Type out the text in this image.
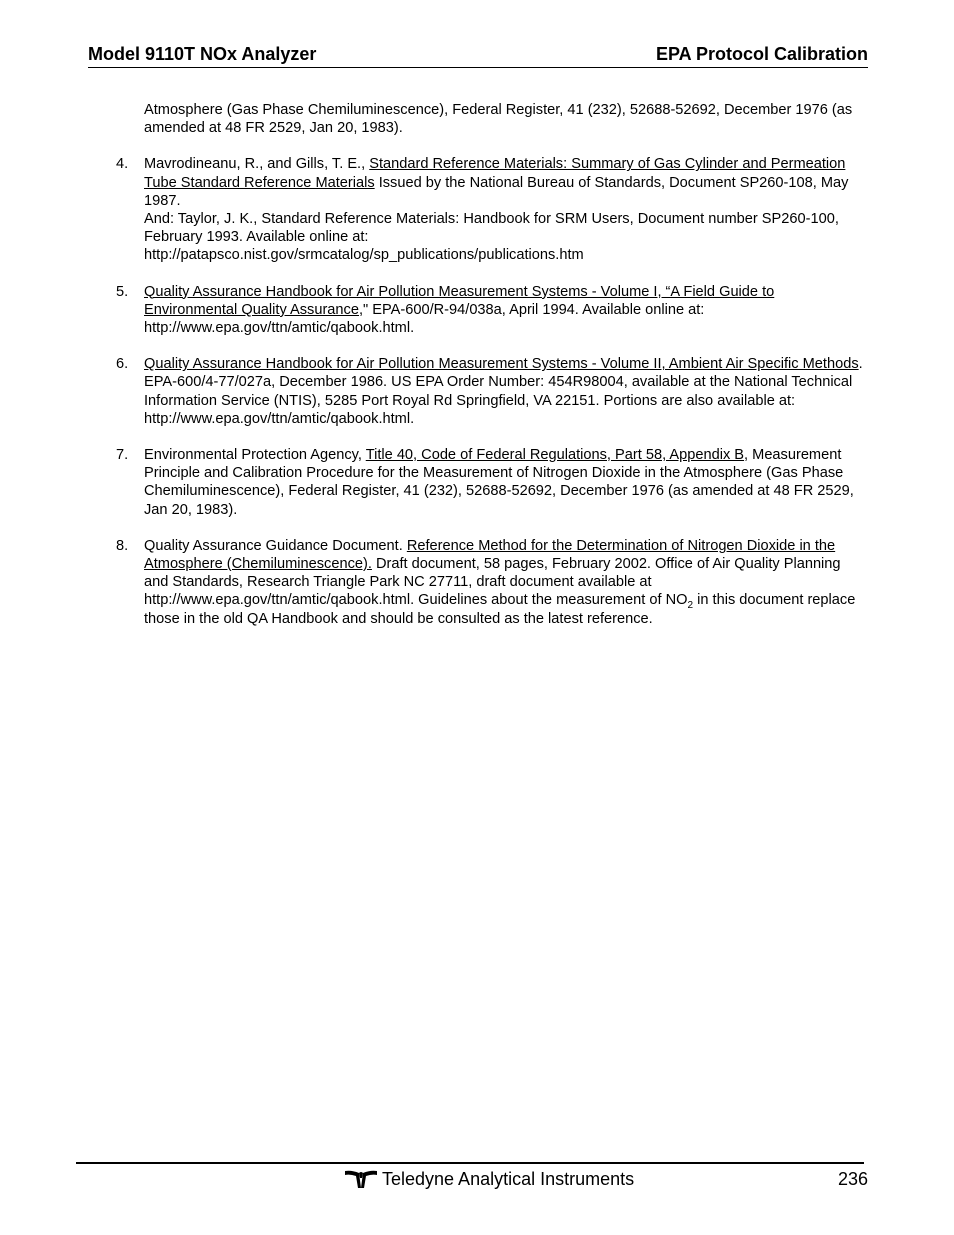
Model 9110T NOx Analyzer	EPA Protocol Calibration

Atmosphere (Gas Phase Chemiluminescence), Federal Register, 41 (232), 52688-52692, December 1976 (as amended at 48 FR 2529, Jan 20, 1983).

4. Mavrodineanu, R., and Gills, T. E., Standard Reference Materials: Summary of Gas Cylinder and Permeation Tube Standard Reference Materials Issued by the National Bureau of Standards, Document SP260-108, May 1987.

And: Taylor, J. K., Standard Reference Materials: Handbook for SRM Users, Document number SP260-100, February 1993. Available online at:

http://patapsco.nist.gov/srmcatalog/sp_publications/publications.htm

5. Quality Assurance Handbook for Air Pollution Measurement Systems - Volume I, “A Field Guide to Environmental Quality Assurance," EPA-600/R-94/038a, April 1994. Available online at: http://www.epa.gov/ttn/amtic/qabook.html.

6. Quality Assurance Handbook for Air Pollution Measurement Systems - Volume II, Ambient Air Specific Methods. EPA-600/4-77/027a, December 1986. US EPA Order Number: 454R98004, available at the National Technical Information Service (NTIS), 5285 Port Royal Rd Springfield, VA 22151. Portions are also available at: http://www.epa.gov/ttn/amtic/qabook.html.

7. Environmental Protection Agency, Title 40, Code of Federal Regulations, Part 58, Appendix B, Measurement Principle and Calibration Procedure for the Measurement of Nitrogen Dioxide in the Atmosphere (Gas Phase Chemiluminescence), Federal Register, 41 (232), 52688-52692, December 1976 (as amended at 48 FR 2529, Jan 20, 1983).

8. Quality Assurance Guidance Document. Reference Method for the Determination of Nitrogen Dioxide in the Atmosphere (Chemiluminescence). Draft document, 58 pages, February 2002. Office of Air Quality Planning and Standards, Research Triangle Park NC 27711, draft document available at http://www.epa.gov/ttn/amtic/qabook.html. Guidelines about the measurement of $NO_2$ in this document replace those in the old QA Handbook and should be consulted as the latest reference.

Teledyne Analytical Instruments	236
